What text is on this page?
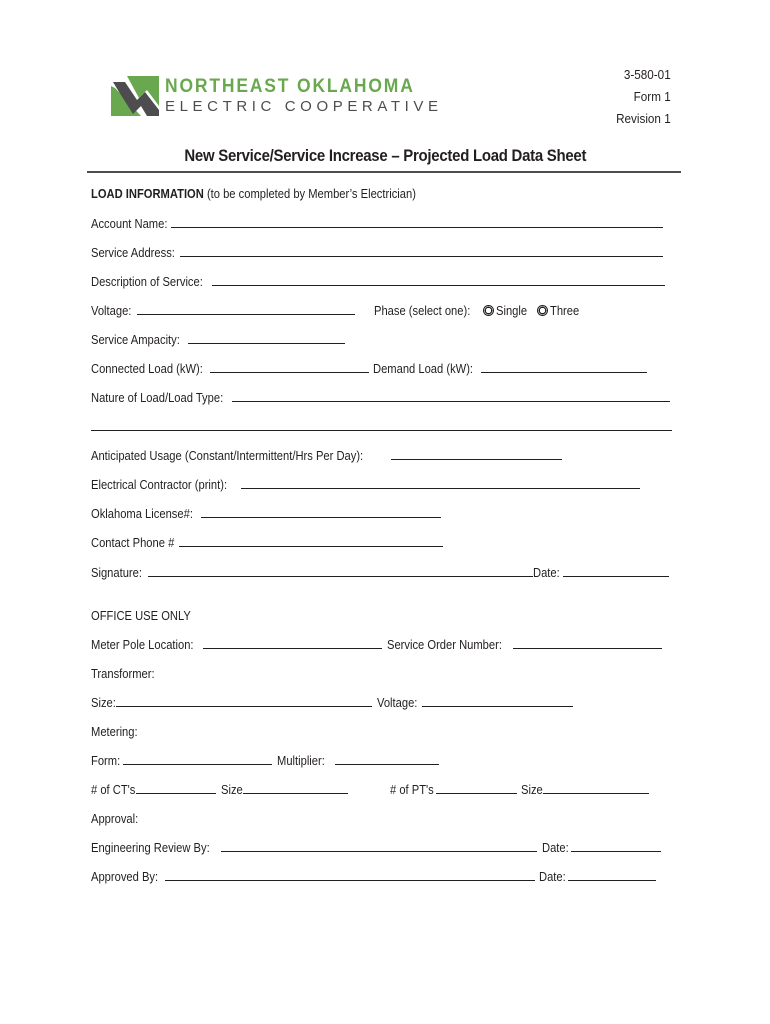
NORTHEAST OKLAHOMA
ELECTRIC COOPERATIVE
3-580-01
Form 1
Revision 1
New Service/Service Increase – Projected Load Data Sheet
LOAD INFORMATION (to be completed by Member’s Electrician)
Account Name:
Service Address:
Description of Service:
Voltage:	Phase (select one):	Single	Three
Service Ampacity:
Connected Load (kW):	Demand Load (kW):
Nature of Load/Load Type:
Anticipated Usage (Constant/Intermittent/Hrs Per Day):
Electrical Contractor (print):
Oklahoma License#:
Contact Phone #
Signature:	Date:
OFFICE USE ONLY
Meter Pole Location:	Service Order Number:
Transformer:
Size:	Voltage:
Metering:
Form:	Multiplier:
# of CT's	Size	# of PT's	Size
Approval:
Engineering Review By:	Date:
Approved By:	Date:
